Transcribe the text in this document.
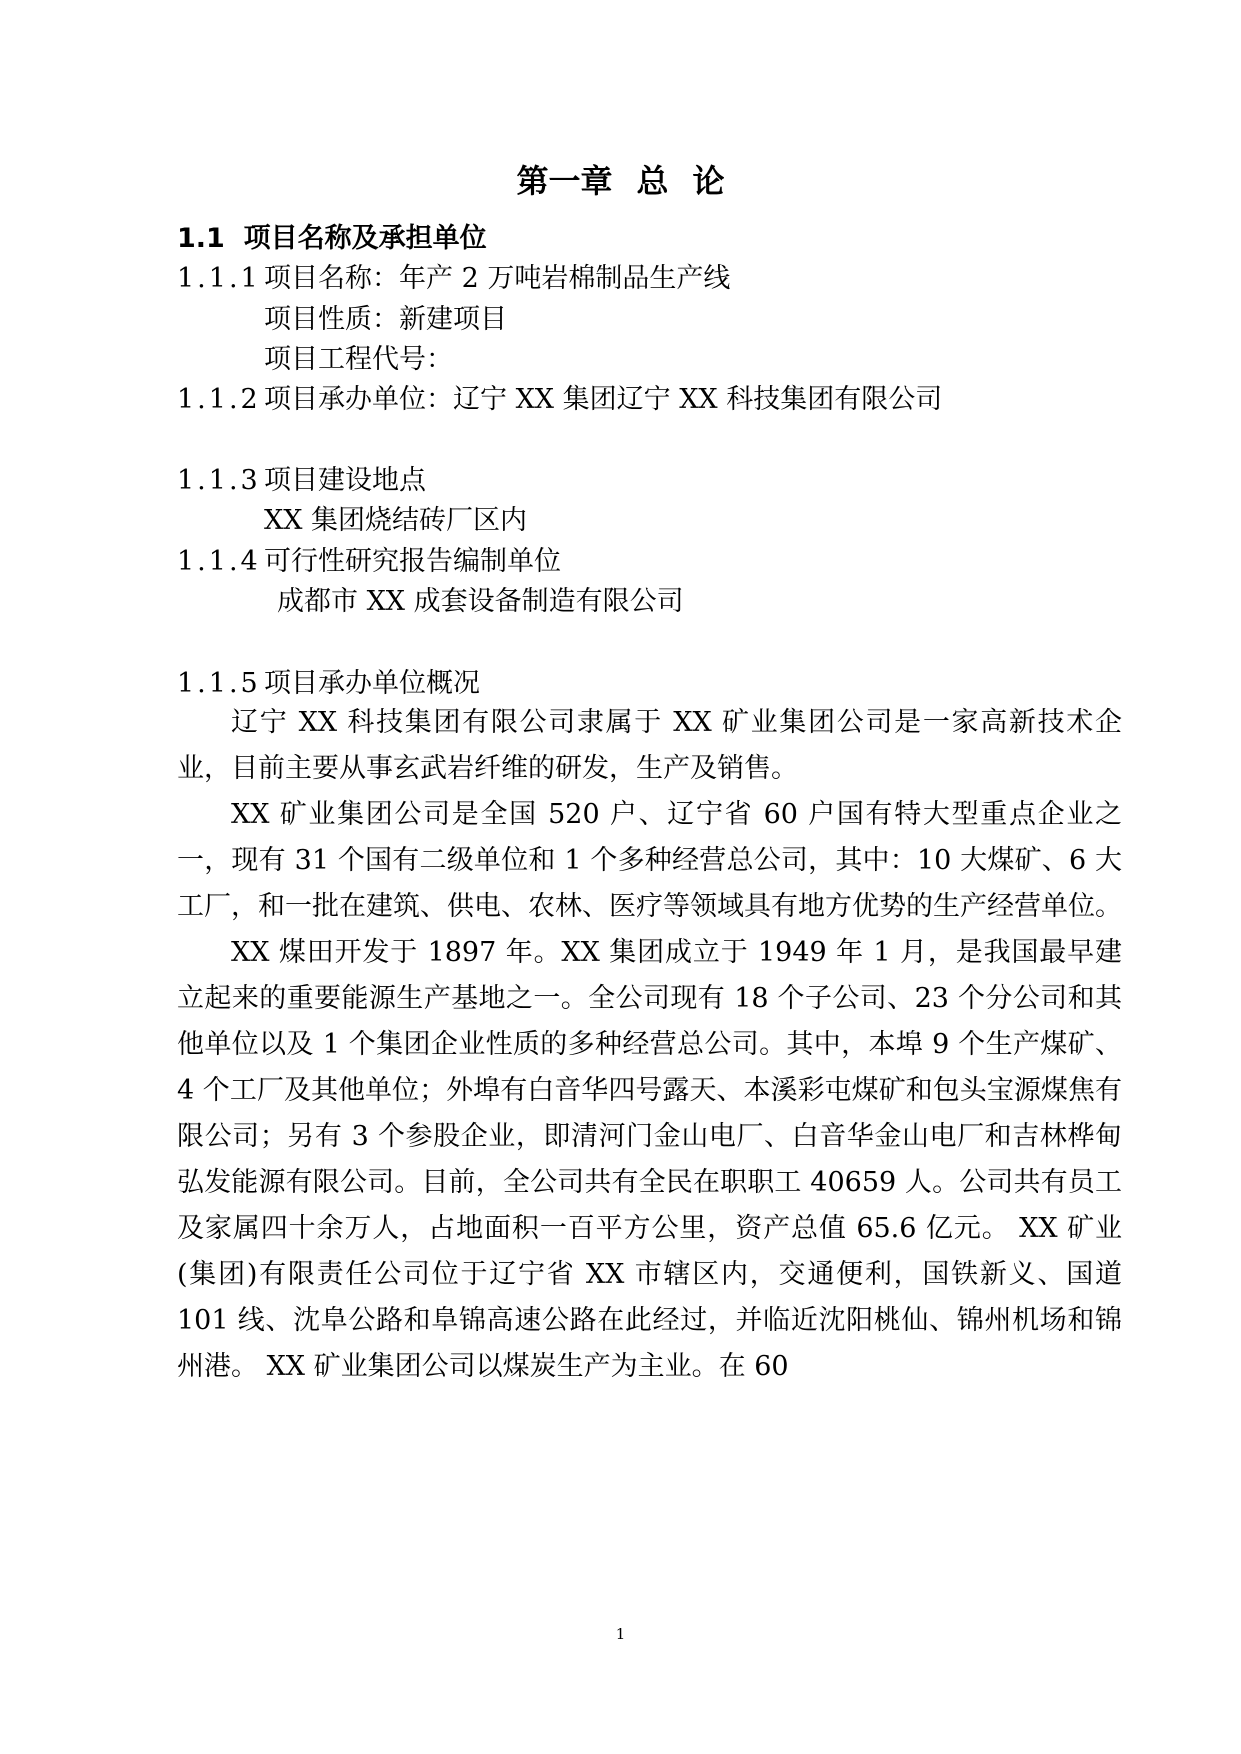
第一章 总 论
1.1 项目名称及承担单位
1.1.1 项目名称：年产 2 万吨岩棉制品生产线
项目性质：新建项目
项目工程代号：
1.1.2 项目承办单位：辽宁 XX 集团辽宁 XX 科技集团有限公司
1.1.3 项目建设地点
XX 集团烧结砖厂区内
1.1.4 可行性研究报告编制单位
成都市 XX 成套设备制造有限公司
1.1.5 项目承办单位概况

辽宁 XX 科技集团有限公司隶属于 XX 矿业集团公司是一家高新技术企业，目前主要从事玄武岩纤维的研发，生产及销售。

XX 矿业集团公司是全国 520 户、辽宁省 60 户国有特大型重点企业之一，现有 31 个国有二级单位和 1 个多种经营总公司，其中：10 大煤矿、6 大工厂，和一批在建筑、供电、农林、医疗等领域具有地方优势的生产经营单位。

XX 煤田开发于 1897 年。XX 集团成立于 1949 年 1 月，是我国最早建立起来的重要能源生产基地之一。全公司现有 18 个子公司、23 个分公司和其他单位以及 1 个集团企业性质的多种经营总公司。其中，本埠 9 个生产煤矿、4 个工厂及其他单位；外埠有白音华四号露天、本溪彩屯煤矿和包头宝源煤焦有限公司；另有 3 个参股企业，即清河门金山电厂、白音华金山电厂和吉林桦甸弘发能源有限公司。目前，全公司共有全民在职职工 40659 人。公司共有员工及家属四十余万人，占地面积一百平方公里，资产总值 65.6 亿元。 XX 矿业(集团)有限责任公司位于辽宁省 XX 市辖区内，交通便利，国铁新义、国道 101 线、沈阜公路和阜锦高速公路在此经过，并临近沈阳桃仙、锦州机场和锦州港。 XX 矿业集团公司以煤炭生产为主业。在 60

1
